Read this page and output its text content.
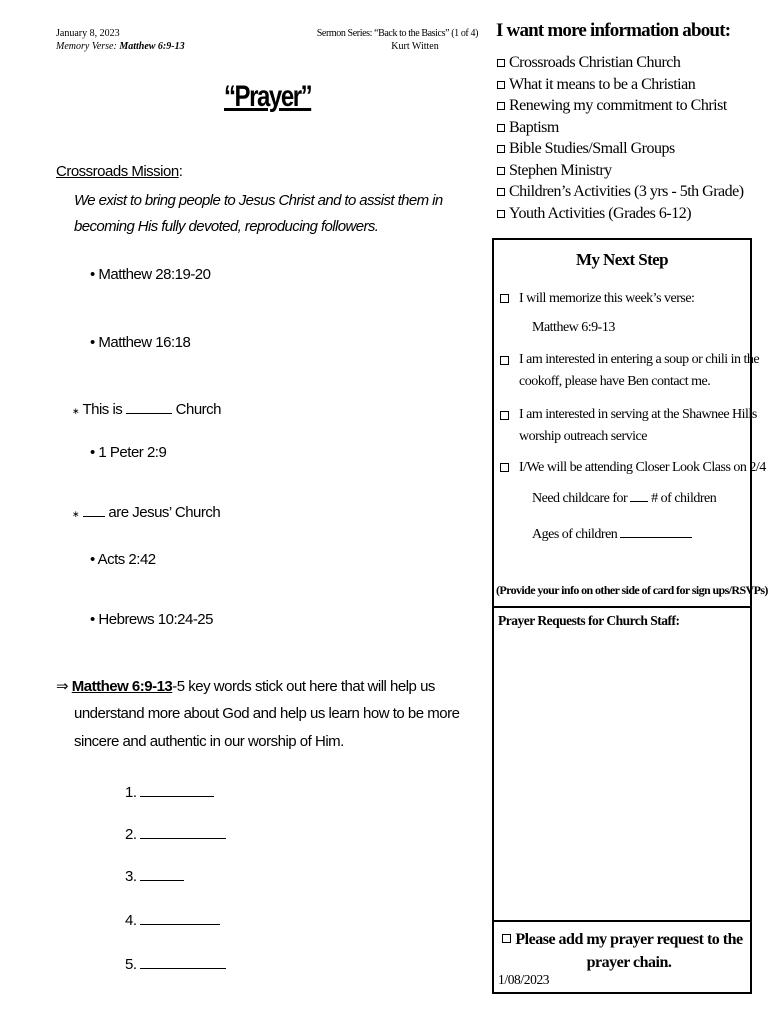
January 8, 2023
Memory Verse: Matthew 6:9-13
Sermon Series: “Back to the Basics” (1 of 4)
Kurt Witten
“Prayer”
Crossroads Mission:
We exist to bring people to Jesus Christ and to assist them in
becoming His fully devoted, reproducing followers.
• Matthew 28:19-20
• Matthew 16:18
∗ This is	Church
• 1 Peter 2:9
∗ are Jesus’ Church
• Acts 2:42
• Hebrews 10:24-25
⇒ Matthew 6:9-13-5 key words stick out here that will help us
understand more about God and help us learn how to be more
sincere and authentic in our worship of Him.
1.
2.
3.
4.
5.
I want more information about:
Crossroads Christian Church
What it means to be a Christian
Renewing my commitment to Christ
Baptism
Bible Studies/Small Groups
Stephen Ministry
Children’s Activities (3 yrs - 5th Grade)
Youth Activities (Grades 6-12)
My Next Step
I will memorize this week’s verse:
Matthew 6:9-13
I am interested in entering a soup or chili in the
cookoff, please have Ben contact me.
I am interested in serving at the Shawnee Hills
worship outreach service
I/We will be attending Closer Look Class on 2/4
Need childcare for # of children
Ages of children
(Provide your info on other side of card for sign ups/RSVPs)
Prayer Requests for Church Staff:
Please add my prayer request to the
prayer chain.
1/08/2023
